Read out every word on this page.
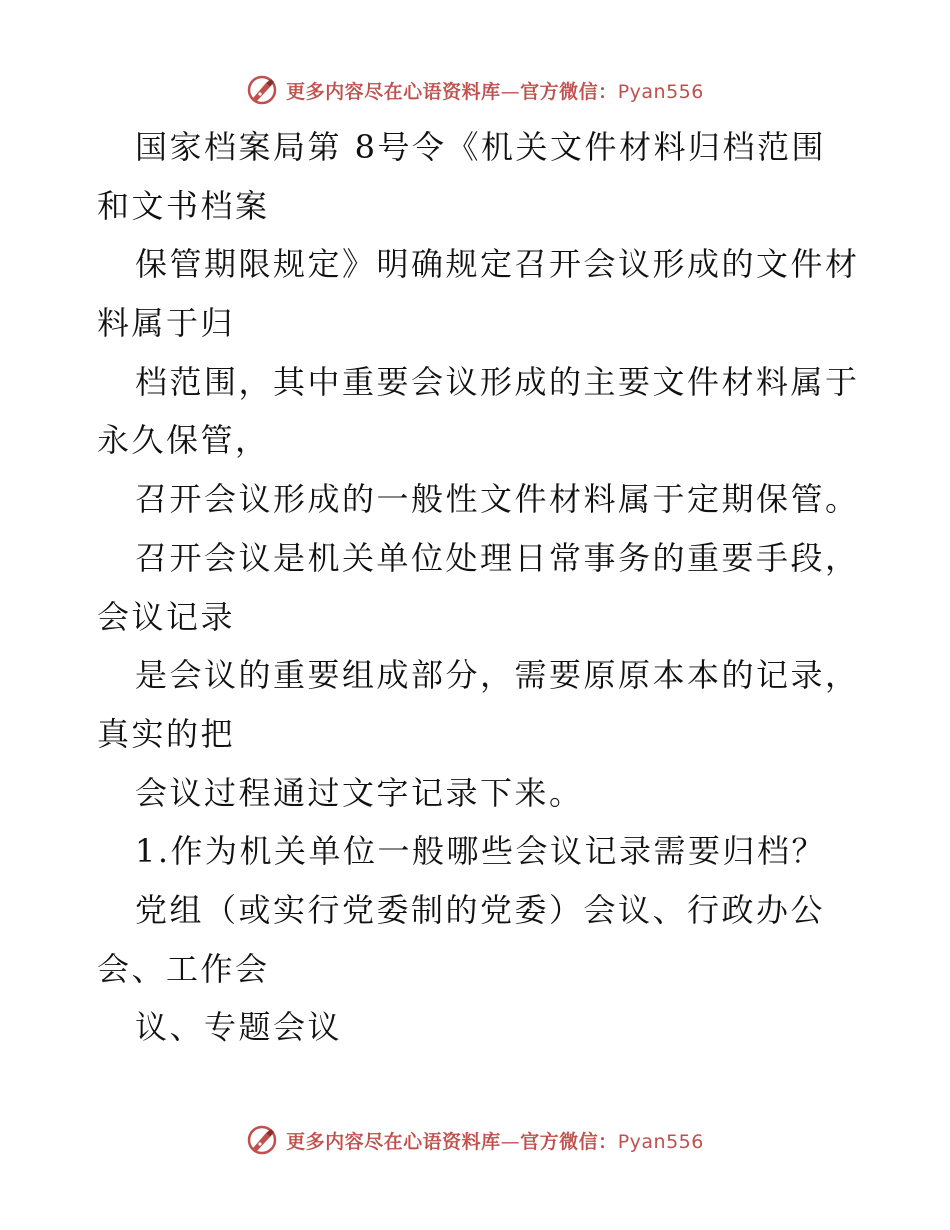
更多内容尽在心语资料库—官方微信：Pyan556
国家档案局第 8号令《机关文件材料归档范围
和文书档案
保管期限规定》明确规定召开会议形成的文件材
料属于归
档范围，其中重要会议形成的主要文件材料属于
永久保管，
召开会议形成的一般性文件材料属于定期保管。
召开会议是机关单位处理日常事务的重要手段，
会议记录
是会议的重要组成部分，需要原原本本的记录，
真实的把
会议过程通过文字记录下来。
1.作为机关单位一般哪些会议记录需要归档？
党组（或实行党委制的党委）会议、行政办公
会、工作会
议、专题会议
更多内容尽在心语资料库—官方微信：Pyan556
